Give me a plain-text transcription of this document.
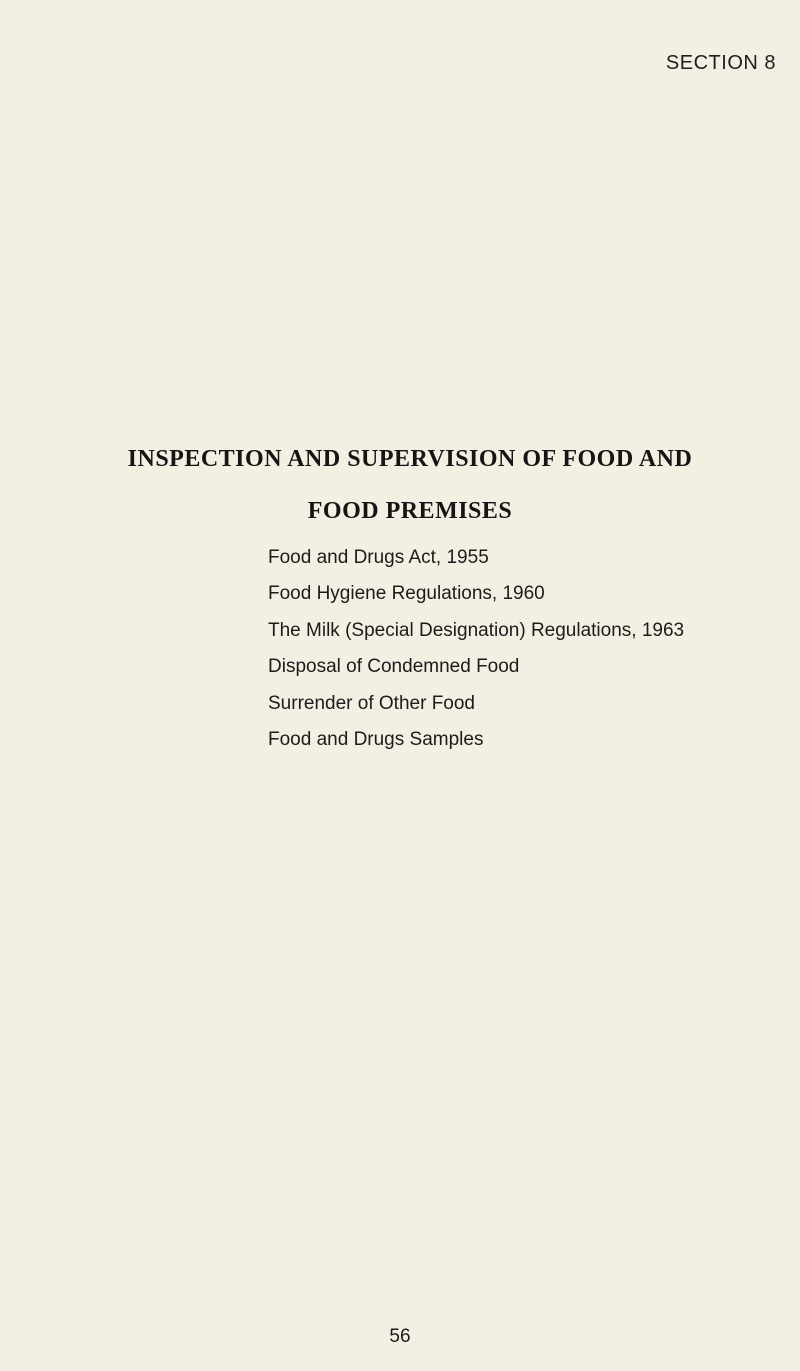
SECTION 8
INSPECTION AND SUPERVISION OF FOOD AND
FOOD PREMISES
Food and Drugs Act, 1955
Food Hygiene Regulations, 1960
The Milk (Special Designation) Regulations, 1963
Disposal of Condemned Food
Surrender of Other Food
Food and Drugs Samples
56
